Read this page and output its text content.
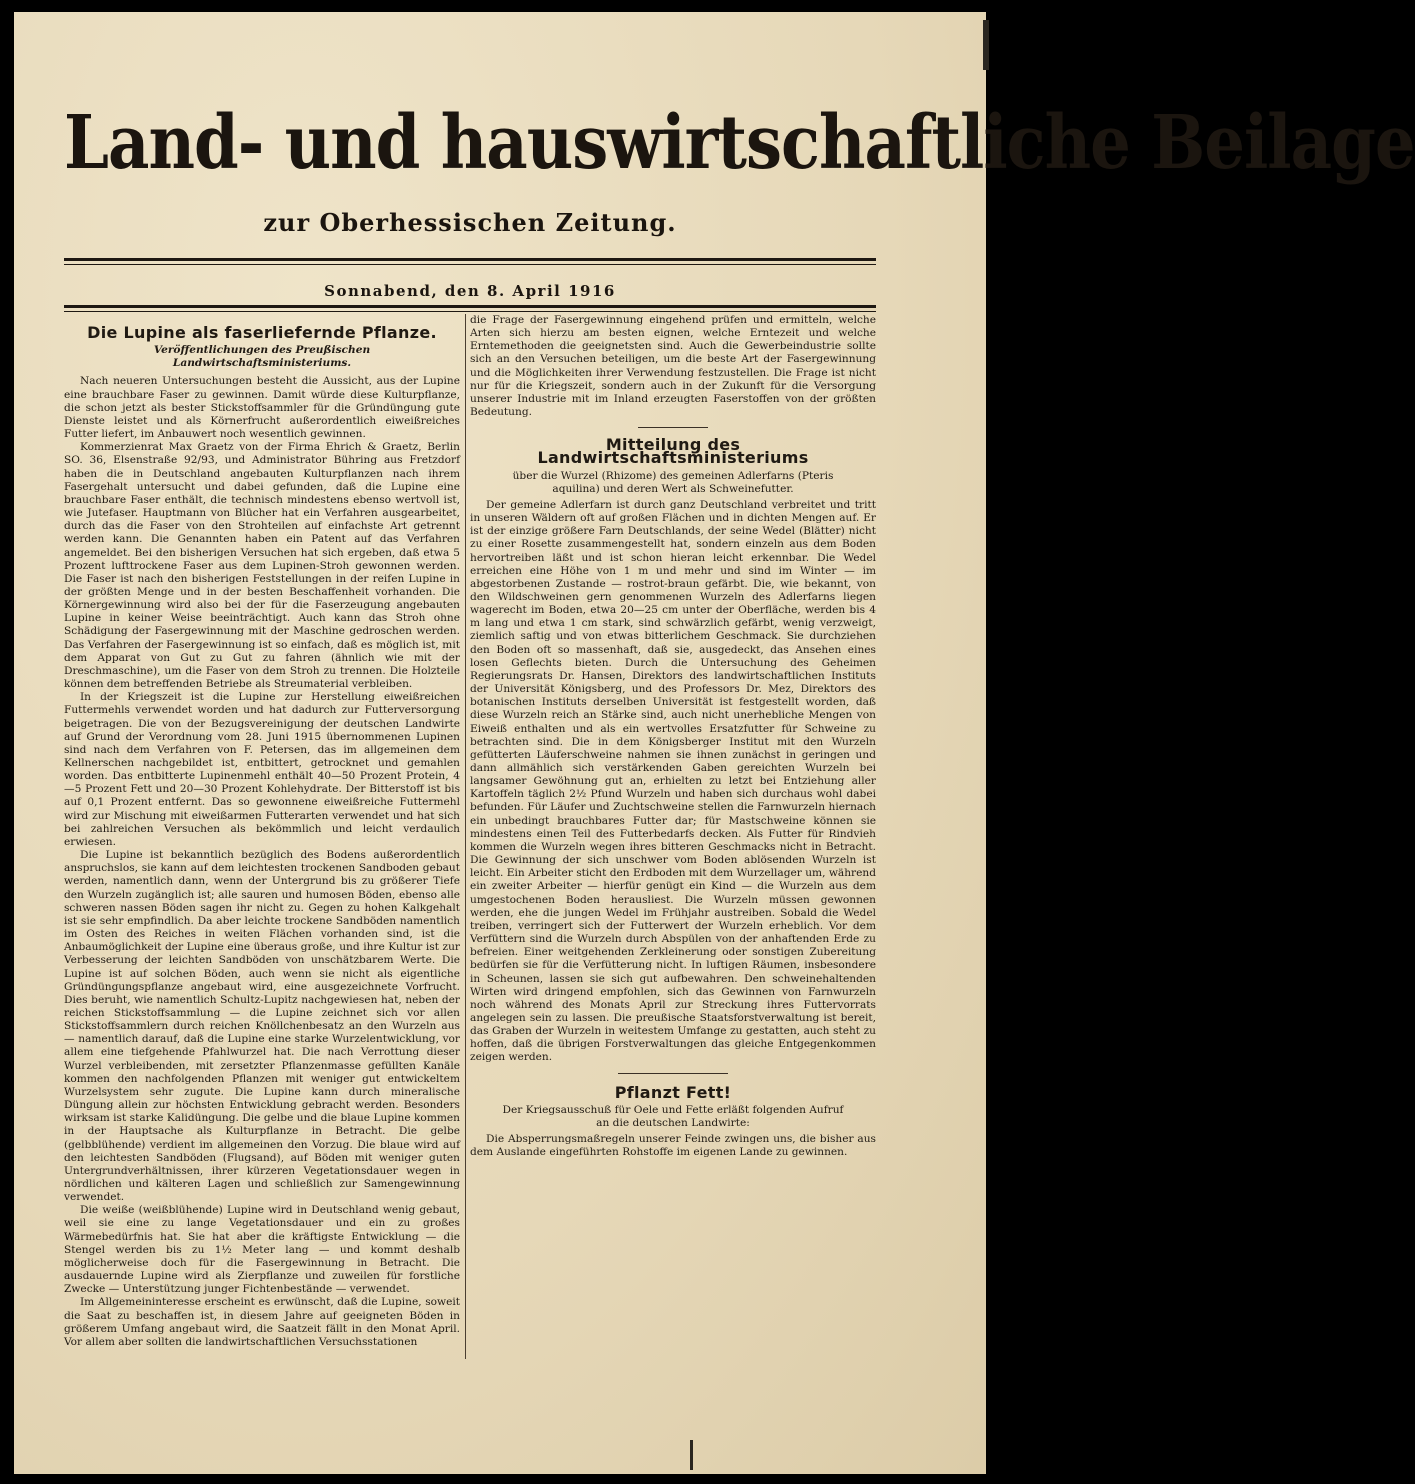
Land- und hauswirtschaftliche Beilage
zur Oberhessischen Zeitung.
Sonnabend, den 8. April 1916
Die Lupine als faserliefernde Pflanze.
Veröffentlichungen des Preußischen Landwirtschaftsministeriums.

Nach neueren Untersuchungen besteht die Aussicht, aus der Lupine eine brauchbare Faser zu gewinnen. Damit würde diese Kulturpflanze, die schon jetzt als bester Stickstoffsammler für die Gründüngung gute Dienste leistet und als Körnerfrucht außerordentlich eiweißreiches Futter liefert, im Anbauwert noch wesentlich gewinnen.

Kommerzienrat Max Graetz von der Firma Ehrich & Graetz, Berlin SO. 36, Elsenstraße 92/93, und Administrator Bühring aus Fretzdorf haben die in Deutschland angebauten Kulturpflanzen nach ihrem Fasergehalt untersucht und dabei gefunden, daß die Lupine eine brauchbare Faser enthält, die technisch mindestens ebenso wertvoll ist, wie Jutefaser. Hauptmann von Blücher hat ein Verfahren ausgearbeitet, durch das die Faser von den Strohteilen auf einfachste Art getrennt werden kann. Die Genannten haben ein Patent auf das Verfahren angemeldet. Bei den bisherigen Versuchen hat sich ergeben, daß etwa 5 Prozent lufttrockene Faser aus dem Lupinen-Stroh gewonnen werden. Die Faser ist nach den bisherigen Feststellungen in der reifen Lupine in der größten Menge und in der besten Beschaffenheit vorhanden. Die Körnergewinnung wird also bei der für die Faserzeugung angebauten Lupine in keiner Weise beeinträchtigt. Auch kann das Stroh ohne Schädigung der Fasergewinnung mit der Maschine gedroschen werden. Das Verfahren der Fasergewinnung ist so einfach, daß es möglich ist, mit dem Apparat von Gut zu Gut zu fahren (ähnlich wie mit der Dreschmaschine), um die Faser von dem Stroh zu trennen. Die Holzteile können dem betreffenden Betriebe als Streumaterial verbleiben.

In der Kriegszeit ist die Lupine zur Herstellung eiweißreichen Futtermehls verwendet worden und hat dadurch zur Futterversorgung beigetragen. Die von der Bezugsvereinigung der deutschen Landwirte auf Grund der Verordnung vom 28. Juni 1915 übernommenen Lupinen sind nach dem Verfahren von F. Petersen, das im allgemeinen dem Kellnerschen nachgebildet ist, entbittert, getrocknet und gemahlen worden. Das entbitterte Lupinenmehl enthält 40—50 Prozent Protein, 4—5 Prozent Fett und 20—30 Prozent Kohlehydrate. Der Bitterstoff ist bis auf 0,1 Prozent entfernt. Das so gewonnene eiweißreiche Futtermehl wird zur Mischung mit eiweißarmen Futterarten verwendet und hat sich bei zahlreichen Versuchen als bekömmlich und leicht verdaulich erwiesen.

Die Lupine ist bekanntlich bezüglich des Bodens außerordentlich anspruchslos, sie kann auf dem leichtesten trockenen Sandboden gebaut werden, namentlich dann, wenn der Untergrund bis zu größerer Tiefe den Wurzeln zugänglich ist; alle sauren und humosen Böden, ebenso alle schweren nassen Böden sagen ihr nicht zu. Gegen zu hohen Kalkgehalt ist sie sehr empfindlich. Da aber leichte trockene Sandböden namentlich im Osten des Reiches in weiten Flächen vorhanden sind, ist die Anbaumöglichkeit der Lupine eine überaus große, und ihre Kultur ist zur Verbesserung der leichten Sandböden von unschätzbarem Werte. Die Lupine ist auf solchen Böden, auch wenn sie nicht als eigentliche Gründüngungspflanze angebaut wird, eine ausgezeichnete Vorfrucht. Dies beruht, wie namentlich Schultz-Lupitz nachgewiesen hat, neben der reichen Stickstoffsammlung — die Lupine zeichnet sich vor allen Stickstoffsammlern durch reichen Knöllchenbesatz an den Wurzeln aus — namentlich darauf, daß die Lupine eine starke Wurzelentwicklung, vor allem eine tiefgehende Pfahlwurzel hat. Die nach Verrottung dieser Wurzel verbleibenden, mit zersetzter Pflanzenmasse gefüllten Kanäle kommen den nachfolgenden Pflanzen mit weniger gut entwickeltem Wurzelsystem sehr zugute. Die Lupine kann durch mineralische Düngung allein zur höchsten Entwicklung gebracht werden. Besonders wirksam ist starke Kalidüngung. Die gelbe und die blaue Lupine kommen in der Hauptsache als Kulturpflanze in Betracht. Die gelbe (gelbblühende) verdient im allgemeinen den Vorzug. Die blaue wird auf den leichtesten Sandböden (Flugsand), auf Böden mit weniger guten Untergrundverhältnissen, ihrer kürzeren Vegetationsdauer wegen in nördlichen und kälteren Lagen und schließlich zur Samengewinnung verwendet.

Die weiße (weißblühende) Lupine wird in Deutschland wenig gebaut, weil sie eine zu lange Vegetationsdauer und ein zu großes Wärmebedürfnis hat. Sie hat aber die kräftigste Entwicklung — die Stengel werden bis zu 1½ Meter lang — und kommt deshalb möglicherweise doch für die Fasergewinnung in Betracht. Die ausdauernde Lupine wird als Zierpflanze und zuweilen für forstliche Zwecke — Unterstützung junger Fichtenbestände — verwendet.

Im Allgemeininteresse erscheint es erwünscht, daß die Lupine, soweit die Saat zu beschaffen ist, in diesem Jahre auf geeigneten Böden in größerem Umfang angebaut wird, die Saatzeit fällt in den Monat April. Vor allem aber sollten die landwirtschaftlichen Versuchsstationen

die Frage der Fasergewinnung eingehend prüfen und ermitteln, welche Arten sich hierzu am besten eignen, welche Erntezeit und welche Erntemethoden die geeignetsten sind. Auch die Gewerbeindustrie sollte sich an den Versuchen beteiligen, um die beste Art der Fasergewinnung und die Möglichkeiten ihrer Verwendung festzustellen. Die Frage ist nicht nur für die Kriegszeit, sondern auch in der Zukunft für die Versorgung unserer Industrie mit im Inland erzeugten Faserstoffen von der größten Bedeutung.

Mitteilung des Landwirtschaftsministeriums
über die Wurzel (Rhizome) des gemeinen Adlerfarns (Pteris
aquilina) und deren Wert als Schweinefutter.

Der gemeine Adlerfarn ist durch ganz Deutschland verbreitet und tritt in unseren Wäldern oft auf großen Flächen und in dichten Mengen auf. Er ist der einzige größere Farn Deutschlands, der seine Wedel (Blätter) nicht zu einer Rosette zusammengestellt hat, sondern einzeln aus dem Boden hervortreiben läßt und ist schon hieran leicht erkennbar. Die Wedel erreichen eine Höhe von 1 m und mehr und sind im Winter — im abgestorbenen Zustande — rostrot-braun gefärbt. Die, wie bekannt, von den Wildschweinen gern genommenen Wurzeln des Adlerfarns liegen wagerecht im Boden, etwa 20—25 cm unter der Oberfläche, werden bis 4 m lang und etwa 1 cm stark, sind schwärzlich gefärbt, wenig verzweigt, ziemlich saftig und von etwas bitterlichem Geschmack. Sie durchziehen den Boden oft so massenhaft, daß sie, ausgedeckt, das Ansehen eines losen Geflechts bieten. Durch die Untersuchung des Geheimen Regierungsrats Dr. Hansen, Direktors des landwirtschaftlichen Instituts der Universität Königsberg, und des Professors Dr. Mez, Direktors des botanischen Instituts derselben Universität ist festgestellt worden, daß diese Wurzeln reich an Stärke sind, auch nicht unerhebliche Mengen von Eiweiß enthalten und als ein wertvolles Ersatzfutter für Schweine zu betrachten sind. Die in dem Königsberger Institut mit den Wurzeln gefütterten Läuferschweine nahmen sie ihnen zunächst in geringen und dann allmählich sich verstärkenden Gaben gereichten Wurzeln bei langsamer Gewöhnung gut an, erhielten zu letzt bei Entziehung aller Kartoffeln täglich 2½ Pfund Wurzeln und haben sich durchaus wohl dabei befunden. Für Läufer und Zuchtschweine stellen die Farnwurzeln hiernach ein unbedingt brauchbares Futter dar; für Mastschweine können sie mindestens einen Teil des Futterbedarfs decken. Als Futter für Rindvieh kommen die Wurzeln wegen ihres bitteren Geschmacks nicht in Betracht. Die Gewinnung der sich unschwer vom Boden ablösenden Wurzeln ist leicht. Ein Arbeiter sticht den Erdboden mit dem Wurzellager um, während ein zweiter Arbeiter — hierfür genügt ein Kind — die Wurzeln aus dem umgestochenen Boden herausliest. Die Wurzeln müssen gewonnen werden, ehe die jungen Wedel im Frühjahr austreiben. Sobald die Wedel treiben, verringert sich der Futterwert der Wurzeln erheblich. Vor dem Verfüttern sind die Wurzeln durch Abspülen von der anhaftenden Erde zu befreien. Einer weitgehenden Zerkleinerung oder sonstigen Zubereitung bedürfen sie für die Verfütterung nicht. In luftigen Räumen, insbesondere in Scheunen, lassen sie sich gut aufbewahren. Den schweinehaltenden Wirten wird dringend empfohlen, sich das Gewinnen von Farnwurzeln noch während des Monats April zur Streckung ihres Futtervorrats angelegen sein zu lassen. Die preußische Staatsforstverwaltung ist bereit, das Graben der Wurzeln in weitestem Umfange zu gestatten, auch steht zu hoffen, daß die übrigen Forstverwaltungen das gleiche Entgegenkommen zeigen werden.

Pflanzt Fett!
Der Kriegsausschuß für Oele und Fette erläßt folgenden Aufruf
an die deutschen Landwirte:

Die Absperrungsmaßregeln unserer Feinde zwingen uns, die bisher aus dem Auslande eingeführten Rohstoffe im eigenen Lande zu gewinnen.
